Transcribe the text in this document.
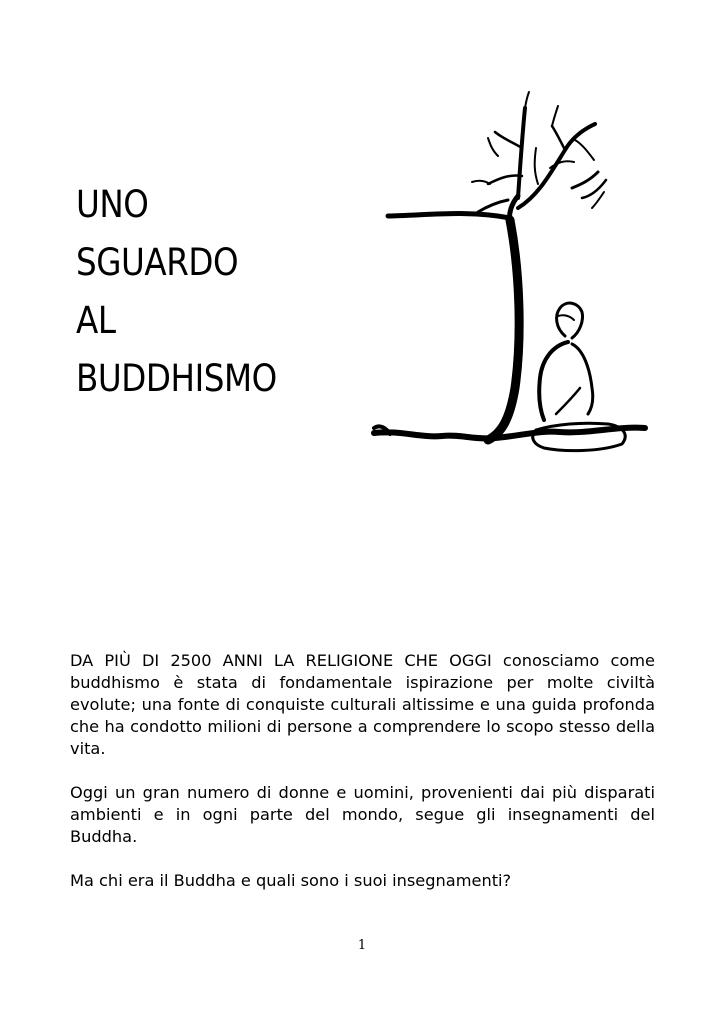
UNO
SGUARDO
AL
BUDDHISMO

DA PIÙ DI 2500 ANNI LA RELIGIONE CHE OGGI conosciamo come buddhismo è stata di fondamentale ispirazione per molte civiltà evolute; una fonte di conquiste culturali altissime e una guida profonda che ha condotto milioni di persone a comprendere lo scopo stesso della vita.

Oggi un gran numero di donne e uomini, provenienti dai più disparati ambienti e in ogni parte del mondo, segue gli insegnamenti del Buddha.

Ma chi era il Buddha e quali sono i suoi insegnamenti?

1
